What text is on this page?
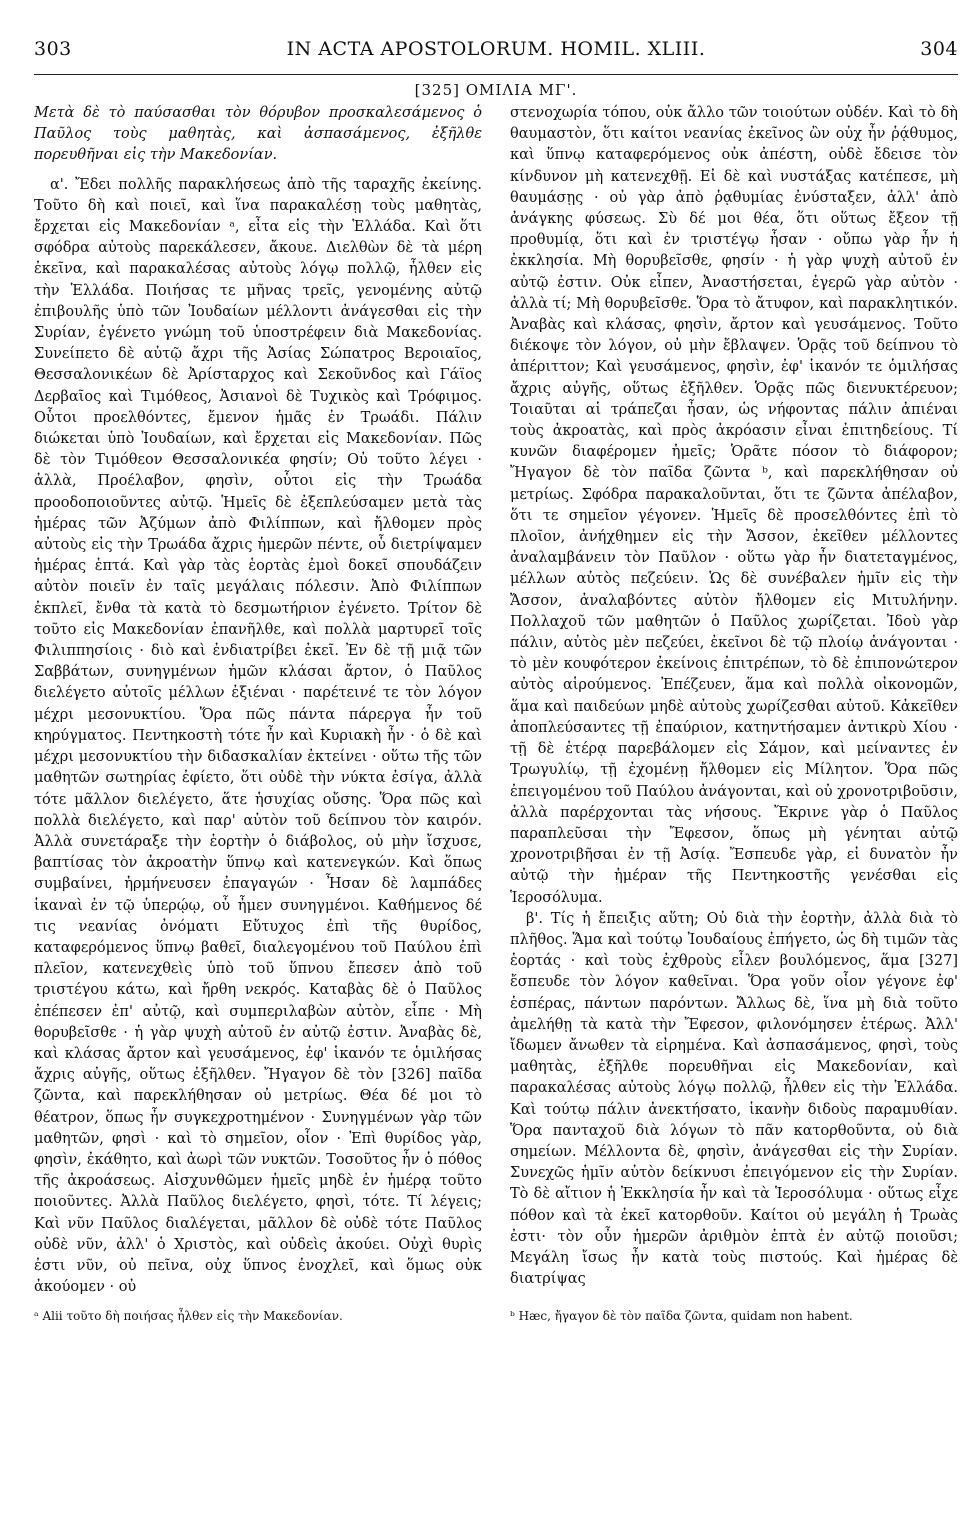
303	IN ACTA APOSTOLORUM. HOMIL. XLIII.	304
[325] ΟΜΙΛΙΑ ΜΓ'.

Μετὰ δὲ τὸ παύσασθαι τὸν θόρυβον προσκαλεσάμενος ὁ Παῦλος τοὺς μαθητὰς, καὶ ἀσπασάμενος, ἐξῆλθε πορευθῆναι εἰς τὴν Μακεδονίαν.

α'. Ἔδει πολλῆς παρακλήσεως ἀπὸ τῆς ταραχῆς ἐκείνης. Τοῦτο δὴ καὶ ποιεῖ, καὶ ἵνα παρακαλέσῃ τοὺς μαθητὰς, ἔρχεται εἰς Μακεδονίαν ᵃ, εἶτα εἰς τὴν Ἑλλάδα. Καὶ ὅτι σφόδρα αὐτοὺς παρεκάλεσεν, ἄκουε. Διελθὼν δὲ τὰ μέρη ἐκεῖνα, καὶ παρακαλέσας αὐτοὺς λόγῳ πολλῷ, ἦλθεν εἰς τὴν Ἑλλάδα. Ποιήσας τε μῆνας τρεῖς, γενομένης αὐτῷ ἐπιβουλῆς ὑπὸ τῶν Ἰουδαίων μέλλοντι ἀνάγεσθαι εἰς τὴν Συρίαν, ἐγένετο γνώμη τοῦ ὑποστρέφειν διὰ Μακεδονίας. Συνείπετο δὲ αὐτῷ ἄχρι τῆς Ἀσίας Σώπατρος Βεροιαῖος, Θεσσαλονικέων δὲ Ἀρίσταρχος καὶ Σεκοῦνδος καὶ Γάϊος Δερβαῖος καὶ Τιμόθεος, Ἀσιανοὶ δὲ Τυχικὸς καὶ Τρόφιμος. Οὗτοι προελθόντες, ἔμενον ἡμᾶς ἐν Τρωάδι. Πάλιν διώκεται ὑπὸ Ἰουδαίων, καὶ ἔρχεται εἰς Μακεδονίαν. Πῶς δὲ τὸν Τιμόθεον Θεσσαλονικέα φησίν; Οὐ τοῦτο λέγει · ἀλλὰ, Προέλαβον, φησὶν, οὗτοι εἰς τὴν Τρωάδα προοδοποιοῦντες αὐτῷ. Ἡμεῖς δὲ ἐξεπλεύσαμεν μετὰ τὰς ἡμέρας τῶν Ἀζύμων ἀπὸ Φιλίππων, καὶ ἤλθομεν πρὸς αὐτοὺς εἰς τὴν Τρωάδα ἄχρις ἡμερῶν πέντε, οὗ διετρίψαμεν ἡμέρας ἑπτά. Καὶ γὰρ τὰς ἑορτὰς ἐμοὶ δοκεῖ σπουδάζειν αὐτὸν ποιεῖν ἐν ταῖς μεγάλαις πόλεσιν. Ἀπὸ Φιλίππων ἐκπλεῖ, ἔνθα τὰ κατὰ τὸ δεσμωτήριον ἐγένετο. Τρίτον δὲ τοῦτο εἰς Μακεδονίαν ἐπανῆλθε, καὶ πολλὰ μαρτυρεῖ τοῖς Φιλιππησίοις · διὸ καὶ ἐνδιατρίβει ἐκεῖ. Ἐν δὲ τῇ μιᾷ τῶν Σαββάτων, συνηγμένων ἡμῶν κλάσαι ἄρτον, ὁ Παῦλος διελέγετο αὐτοῖς μέλλων ἐξιέναι · παρέτεινέ τε τὸν λόγον μέχρι μεσονυκτίου. Ὅρα πῶς πάντα πάρεργα ἦν τοῦ κηρύγματος. Πεντηκοστὴ τότε ἦν καὶ Κυριακὴ ἦν · ὁ δὲ καὶ μέχρι μεσονυκτίου τὴν διδασκαλίαν ἐκτείνει · οὕτω τῆς τῶν μαθητῶν σωτηρίας ἐφίετο, ὅτι οὐδὲ τὴν νύκτα ἐσίγα, ἀλλὰ τότε μᾶλλον διελέγετο, ἅτε ἡσυχίας οὔσης. Ὅρα πῶς καὶ πολλὰ διελέγετο, καὶ παρ' αὐτὸν τοῦ δείπνου τὸν καιρόν. Ἀλλὰ συνετάραξε τὴν ἑορτὴν ὁ διάβολος, οὐ μὴν ἴσχυσε, βαπτίσας τὸν ἀκροατὴν ὕπνῳ καὶ κατενεγκών. Καὶ ὅπως συμβαίνει, ἡρμήνευσεν ἐπαγαγών · Ἦσαν δὲ λαμπάδες ἱκαναὶ ἐν τῷ ὑπερῴῳ, οὗ ἦμεν συνηγμένοι. Καθήμενος δέ τις νεανίας ὀνόματι Εὔτυχος ἐπὶ τῆς θυρίδος, καταφερόμενος ὕπνῳ βαθεῖ, διαλεγομένου τοῦ Παύλου ἐπὶ πλεῖον, κατενεχθεὶς ὑπὸ τοῦ ὕπνου ἔπεσεν ἀπὸ τοῦ τριστέγου κάτω, καὶ ἤρθη νεκρός. Καταβὰς δὲ ὁ Παῦλος ἐπέπεσεν ἐπ' αὐτῷ, καὶ συμπεριλαβὼν αὐτὸν, εἶπε · Μὴ θορυβεῖσθε · ἡ γὰρ ψυχὴ αὐτοῦ ἐν αὐτῷ ἐστιν. Ἀναβὰς δὲ, καὶ κλάσας ἄρτον καὶ γευσάμενος, ἐφ' ἱκανόν τε ὁμιλήσας ἄχρις αὐγῆς, οὕτως ἐξῆλθεν. Ἤγαγον δὲ τὸν [326] παῖδα ζῶντα, καὶ παρεκλήθησαν οὐ μετρίως. Θέα δέ μοι τὸ θέατρον, ὅπως ἦν συγκεχροτημένον · Συνηγμένων γὰρ τῶν μαθητῶν, φησὶ · καὶ τὸ σημεῖον, οἷον · Ἐπὶ θυρίδος γὰρ, φησὶν, ἐκάθητο, καὶ ἀωρὶ τῶν νυκτῶν. Τοσοῦτος ἦν ὁ πόθος τῆς ἀκροάσεως. Αἰσχυνθῶμεν ἡμεῖς μηδὲ ἐν ἡμέρᾳ τοῦτο ποιοῦντες. Ἀλλὰ Παῦλος διελέγετο, φησὶ, τότε. Τί λέγεις; Καὶ νῦν Παῦλος διαλέγεται, μᾶλλον δὲ οὐδὲ τότε Παῦλος οὐδὲ νῦν, ἀλλ' ὁ Χριστὸς, καὶ οὐδεὶς ἀκούει. Οὐχὶ θυρὶς ἐστι νῦν, οὐ πεῖνα, οὐχ ὕπνος ἐνοχλεῖ, καὶ ὅμως οὐκ ἀκούομεν · οὐ

στενοχωρία τόπου, οὐκ ἄλλο τῶν τοιούτων οὐδέν. Καὶ τὸ δὴ θαυμαστὸν, ὅτι καίτοι νεανίας ἐκεῖνος ὢν οὐχ ἦν ῥᾴθυμος, καὶ ὕπνῳ καταφερόμενος οὐκ ἀπέστη, οὐδὲ ἔδεισε τὸν κίνδυνον μὴ κατενεχθῇ. Εἰ δὲ καὶ νυστάξας κατέπεσε, μὴ θαυμάσῃς · οὐ γὰρ ἀπὸ ῥᾳθυμίας ἐνύσταξεν, ἀλλ' ἀπὸ ἀνάγκης φύσεως. Σὺ δέ μοι θέα, ὅτι οὕτως ἔξεον τῇ προθυμίᾳ, ὅτι καὶ ἐν τριστέγῳ ἦσαν · οὔπω γὰρ ἦν ἡ ἐκκλησία. Μὴ θορυβεῖσθε, φησίν · ἡ γὰρ ψυχὴ αὐτοῦ ἐν αὐτῷ ἐστιν. Οὐκ εἶπεν, Ἀναστήσεται, ἐγερῶ γὰρ αὐτὸν · ἀλλὰ τί; Μὴ θορυβεῖσθε. Ὅρα τὸ ἄτυφον, καὶ παρακλητικόν. Ἀναβὰς καὶ κλάσας, φησὶν, ἄρτον καὶ γευσάμενος. Τοῦτο διέκοψε τὸν λόγον, οὐ μὴν ἔβλαψεν. Ὁρᾷς τοῦ δείπνου τὸ ἀπέριττον; Καὶ γευσάμενος, φησὶν, ἐφ' ἱκανόν τε ὁμιλήσας ἄχρις αὐγῆς, οὕτως ἐξῆλθεν. Ὁρᾷς πῶς διενυκτέρευον; Τοιαῦται αἱ τράπεζαι ἦσαν, ὡς νήφοντας πάλιν ἀπιέναι τοὺς ἀκροατὰς, καὶ πρὸς ἀκρόασιν εἶναι ἐπιτηδείους. Τί κυνῶν διαφέρομεν ἡμεῖς; Ὁρᾶτε πόσον τὸ διάφορον; Ἤγαγον δὲ τὸν παῖδα ζῶντα ᵇ, καὶ παρεκλήθησαν οὐ μετρίως. Σφόδρα παρακαλοῦνται, ὅτι τε ζῶντα ἀπέλαβον, ὅτι τε σημεῖον γέγονεν. Ἡμεῖς δὲ προσελθόντες ἐπὶ τὸ πλοῖον, ἀνήχθημεν εἰς τὴν Ἄσσον, ἐκεῖθεν μέλλοντες ἀναλαμβάνειν τὸν Παῦλον · οὕτω γὰρ ἦν διατεταγμένος, μέλλων αὐτὸς πεζεύειν. Ὡς δὲ συνέβαλεν ἡμῖν εἰς τὴν Ἄσσον, ἀναλαβόντες αὐτὸν ἤλθομεν εἰς Μιτυλήνην. Πολλαχοῦ τῶν μαθητῶν ὁ Παῦλος χωρίζεται. Ἰδοὺ γὰρ πάλιν, αὐτὸς μὲν πεζεύει, ἐκεῖνοι δὲ τῷ πλοίῳ ἀνάγονται · τὸ μὲν κουφότερον ἐκείνοις ἐπιτρέπων, τὸ δὲ ἐπιπονώτερον αὐτὸς αἱρούμενος. Ἐπέζευεν, ἅμα καὶ πολλὰ οἰκονομῶν, ἅμα καὶ παιδεύων μηδὲ αὐτοὺς χωρίζεσθαι αὐτοῦ. Κἀκεῖθεν ἀποπλεύσαντες τῇ ἐπαύριον, κατηντήσαμεν ἀντικρὺ Χίου · τῇ δὲ ἑτέρᾳ παρεβάλομεν εἰς Σάμον, καὶ μείναντες ἐν Τρωγυλίῳ, τῇ ἐχομένῃ ἤλθομεν εἰς Μίλητον. Ὅρα πῶς ἐπειγομένου τοῦ Παύλου ἀνάγονται, καὶ οὐ χρονοτριβοῦσιν, ἀλλὰ παρέρχονται τὰς νήσους. Ἔκρινε γὰρ ὁ Παῦλος παραπλεῦσαι τὴν Ἔφεσον, ὅπως μὴ γένηται αὐτῷ χρονοτριβῆσαι ἐν τῇ Ἀσίᾳ. Ἔσπευδε γὰρ, εἰ δυνατὸν ἦν αὐτῷ τὴν ἡμέραν τῆς Πεντηκοστῆς γενέσθαι εἰς Ἱεροσόλυμα.

β'. Τίς ἡ ἔπειξις αὕτη; Οὐ διὰ τὴν ἑορτὴν, ἀλλὰ διὰ τὸ πλῆθος. Ἅμα καὶ τούτῳ Ἰουδαίους ἐπήγετο, ὡς δὴ τιμῶν τὰς ἑορτάς · καὶ τοὺς ἐχθροὺς εἷλεν βουλόμενος, ἅμα [327] ἔσπευδε τὸν λόγον καθεῖναι. Ὅρα γοῦν οἷον γέγονε ἐφ' ἑσπέρας, πάντων παρόντων. Ἄλλως δὲ, ἵνα μὴ διὰ τοῦτο ἀμελήθῃ τὰ κατὰ τὴν Ἔφεσον, φιλονόμησεν ἑτέρως. Ἀλλ' ἴδωμεν ἄνωθεν τὰ εἰρημένα. Καὶ ἀσπασάμενος, φησὶ, τοὺς μαθητὰς, ἐξῆλθε πορευθῆναι εἰς Μακεδονίαν, καὶ παρακαλέσας αὐτοὺς λόγῳ πολλῷ, ἦλθεν εἰς τὴν Ἑλλάδα. Καὶ τούτῳ πάλιν ἀνεκτήσατο, ἱκανὴν διδοὺς παραμυθίαν. Ὅρα πανταχοῦ διὰ λόγων τὸ πᾶν κατορθοῦντα, οὐ διὰ σημείων. Μέλλοντα δὲ, φησὶν, ἀνάγεσθαι εἰς τὴν Συρίαν. Συνεχῶς ἡμῖν αὐτὸν δείκνυσι ἐπειγόμενον εἰς τὴν Συρίαν. Τὸ δὲ αἴτιον ἡ Ἐκκλησία ἦν καὶ τὰ Ἱεροσόλυμα · οὕτως εἶχε πόθον καὶ τὰ ἐκεῖ κατορθοῦν. Καίτοι οὐ μεγάλη ἡ Τρωὰς ἐστι· τὸν οὖν ἡμερῶν ἀριθμὸν ἑπτὰ ἐν αὐτῷ ποιοῦσι; Μεγάλη ἴσως ἦν κατὰ τοὺς πιστούς. Καὶ ἡμέρας δὲ διατρίψας

ᵃ Alii τοῦτο δὴ ποιήσας ἦλθεν εἰς τὴν Μακεδονίαν.	ᵇ Hæc, ἤγαγον δὲ τὸν παῖδα ζῶντα, quidam non habent.
